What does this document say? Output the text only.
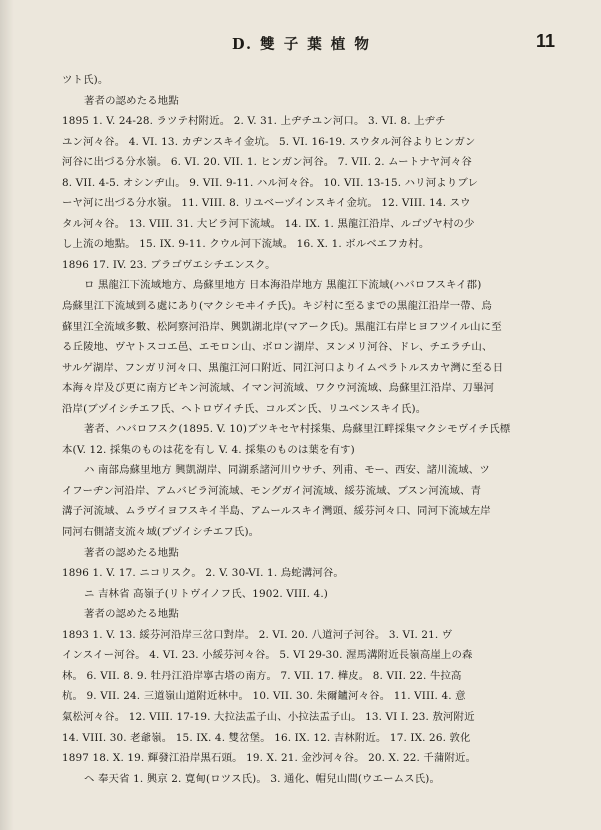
D. 雙 子 葉 植 物	11
ツト氏)。
著者の認めたる地點
1895 1. V. 24-28. ラツテ村附近。 2. V. 31. 上ヂチユン河口。 3. VI. 8. 上ヂチ
ユン河々谷。 4. VI. 13. カヂンスキイ金坑。 5. VI. 16-19. スウタル河谷よりヒンガン
河谷に出づる分水嶺。 6. VI. 20. VII. 1. ヒンガン河谷。 7. VII. 2. ムートナヤ河々谷
8. VII. 4-5. オシンヂ山。 9. VII. 9-11. ハル河々谷。 10. VII. 13-15. ハリ河よりブレ
ーヤ河に出づる分水嶺。 11. VIII. 8. リユベーヅインスキイ金坑。 12. VIII. 14. スウ
タル河々谷。 13. VIII. 31. 大ビラ河下流域。 14. IX. 1. 黒龍江沿岸、ルゴヅヤ村の少
し上流の地點。 15. IX. 9-11. クウル河下流域。 16. X. 1. ボルベエフカ村。
1896 17. IV. 23. ブラゴヴエシチエンスク。
ロ 黒龍江下流域地方、烏蘇里地方 日本海沿岸地方 黒龍江下流域(ハバロフスキイ郡)
烏蘇里江下流域到る處にあり(マクシモヰイチ氏)。キジ村に至るまでの黒龍江沿岸一帶、烏
蘇里江全流域多數、松阿察河沿岸、興凱湖北岸(マアーク氏)。黒龍江右岸ヒヨフツイル山に至
る丘陵地、ヴヤトスコエ邑、エモロン山、ボロン湖岸、ヌンメリ河谷、ドレ、チエラチ山、
サルゲ湖岸、フンガリ河々口、黒龍江河口附近、同江河口よりイムペラトルスカヤ灣に至る日
本海々岸及び更に南方ビキン河流域、イマン河流域、ワクウ河流域、烏蘇里江沿岸、刀畢河
沿岸(ブヅイシチエフ氏、ヘトロヴイチ氏、コルズン氏、リユベンスキイ氏)。
著者、ハバロフスク(1895. V. 10)ブツキセヤ村採集、烏蘇里江畔採集マクシモヴイチ氏標
本(V. 12. 採集のものは花を有し V. 4. 採集のものは葉を有す)
ハ 南部烏蘇里地方 興凱湖岸、同湖系諸河川ウサチ、列甫、モー、西安、諸川流域、ツ
イフーヂン河沿岸、アムバビラ河流域、モングガイ河流域、綏芬流域、ブスン河流域、青
溝子河流域、ムラヴイヨフスキイ半島、アムールスキイ灣頭、綏芬河々口、同河下流域左岸
同河右側諸支流々域(ブヅイシチエフ氏)。
著者の認めたる地點
1896 1. V. 17. ニコリスク。 2. V. 30-VI. 1. 烏蛇溝河谷。
ニ 吉林省 高嶺子(リトヴイノフ氏、1902. VIII. 4.)
著者の認めたる地點
1893 1. V. 13. 綏芬河沿岸三岔口對岸。 2. VI. 20. 八道河子河谷。 3. VI. 21. ヴ
インスイー河谷。 4. VI. 23. 小綏芬河々谷。 5. VI 29-30. 渥馬溝附近長嶺高崖上の森
林。 6. VII. 8. 9. 牡丹江沿岸寧古塔の南方。 7. VII. 17. 樺皮。 8. VII. 22. 牛拉高
杭。 9. VII. 24. 三道嶺山道附近林中。 10. VII. 30. 朱爾鑪河々谷。 11. VIII. 4. 意
氣松河々谷。 12. VIII. 17-19. 大拉法盂子山、小拉法盂子山。 13. VI I. 23. 敖河附近
14. VIII. 30. 老爺嶺。 15. IX. 4. 雙岔堡。 16. IX. 12. 吉林附近。 17. IX. 26. 敦化
1897 18. X. 19. 輝發江沿岸黒石頭。 19. X. 21. 金沙河々谷。 20. X. 22. 千蒲附近。
ヘ 奉天省 1. 興京 2. 寛甸(ロツス氏)。 3. 通化、帽兒山間(ウエームス氏)。
